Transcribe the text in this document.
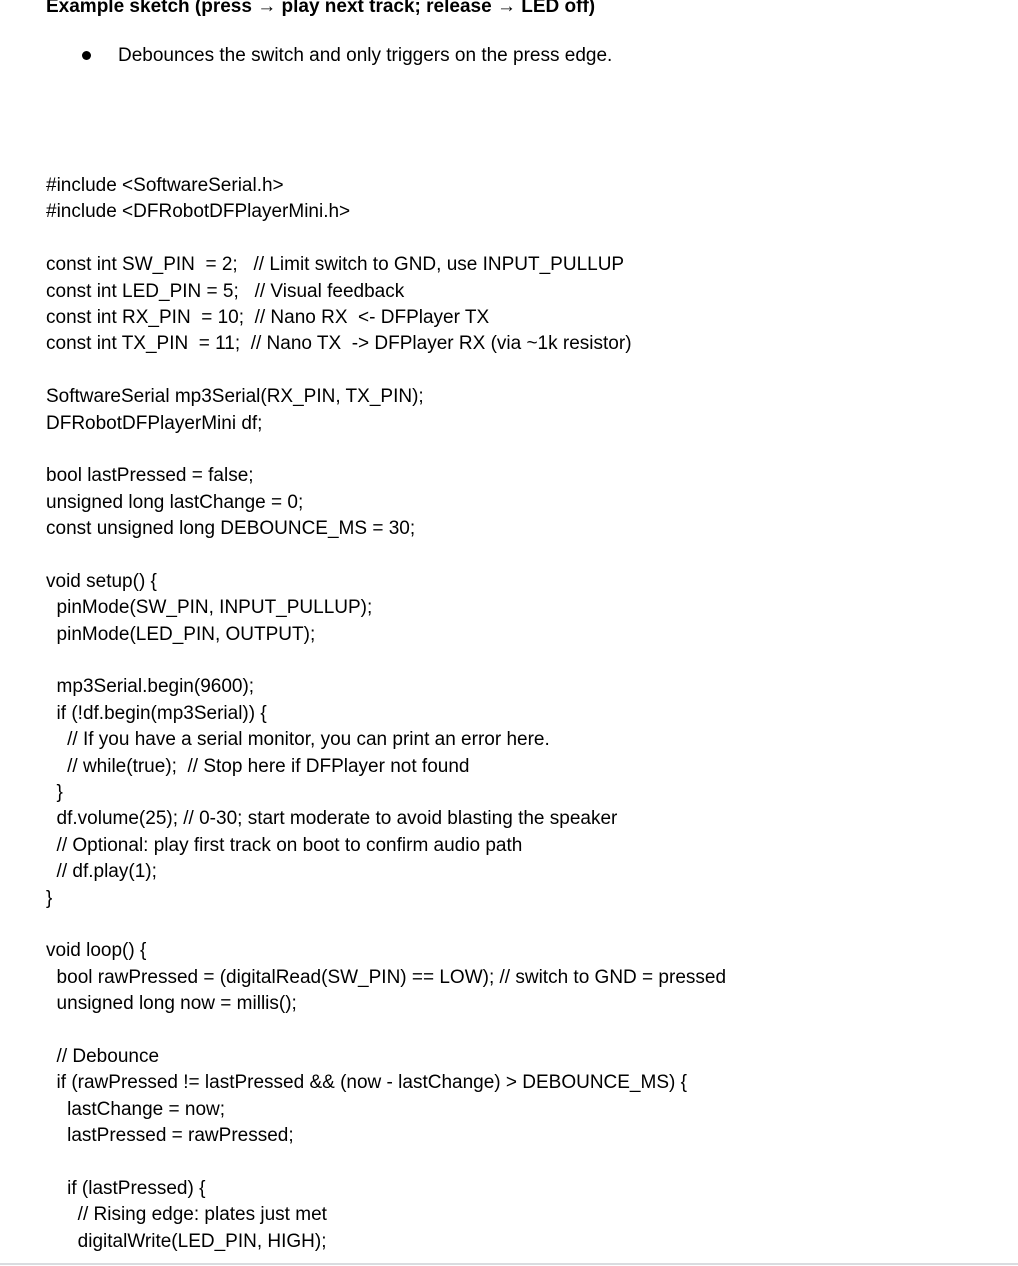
Example sketch (press → play next track; release → LED off)

Debounces the switch and only triggers on the press edge.

#include <SoftwareSerial.h>
#include <DFRobotDFPlayerMini.h>
const int SW_PIN  = 2;   // Limit switch to GND, use INPUT_PULLUP
const int LED_PIN = 5;   // Visual feedback
const int RX_PIN  = 10;  // Nano RX  <- DFPlayer TX
const int TX_PIN  = 11;  // Nano TX  -> DFPlayer RX (via ~1k resistor)
SoftwareSerial mp3Serial(RX_PIN, TX_PIN);
DFRobotDFPlayerMini df;
bool lastPressed = false;
unsigned long lastChange = 0;
const unsigned long DEBOUNCE_MS = 30;
void setup() {
pinMode(SW_PIN, INPUT_PULLUP);
pinMode(LED_PIN, OUTPUT);
mp3Serial.begin(9600);
if (!df.begin(mp3Serial)) {
// If you have a serial monitor, you can print an error here.
// while(true);  // Stop here if DFPlayer not found
}
df.volume(25); // 0-30; start moderate to avoid blasting the speaker
// Optional: play first track on boot to confirm audio path
// df.play(1);
}
void loop() {
bool rawPressed = (digitalRead(SW_PIN) == LOW); // switch to GND = pressed
unsigned long now = millis();
// Debounce
if (rawPressed != lastPressed && (now - lastChange) > DEBOUNCE_MS) {
lastChange = now;
lastPressed = rawPressed;
if (lastPressed) {
// Rising edge: plates just met
digitalWrite(LED_PIN, HIGH);
